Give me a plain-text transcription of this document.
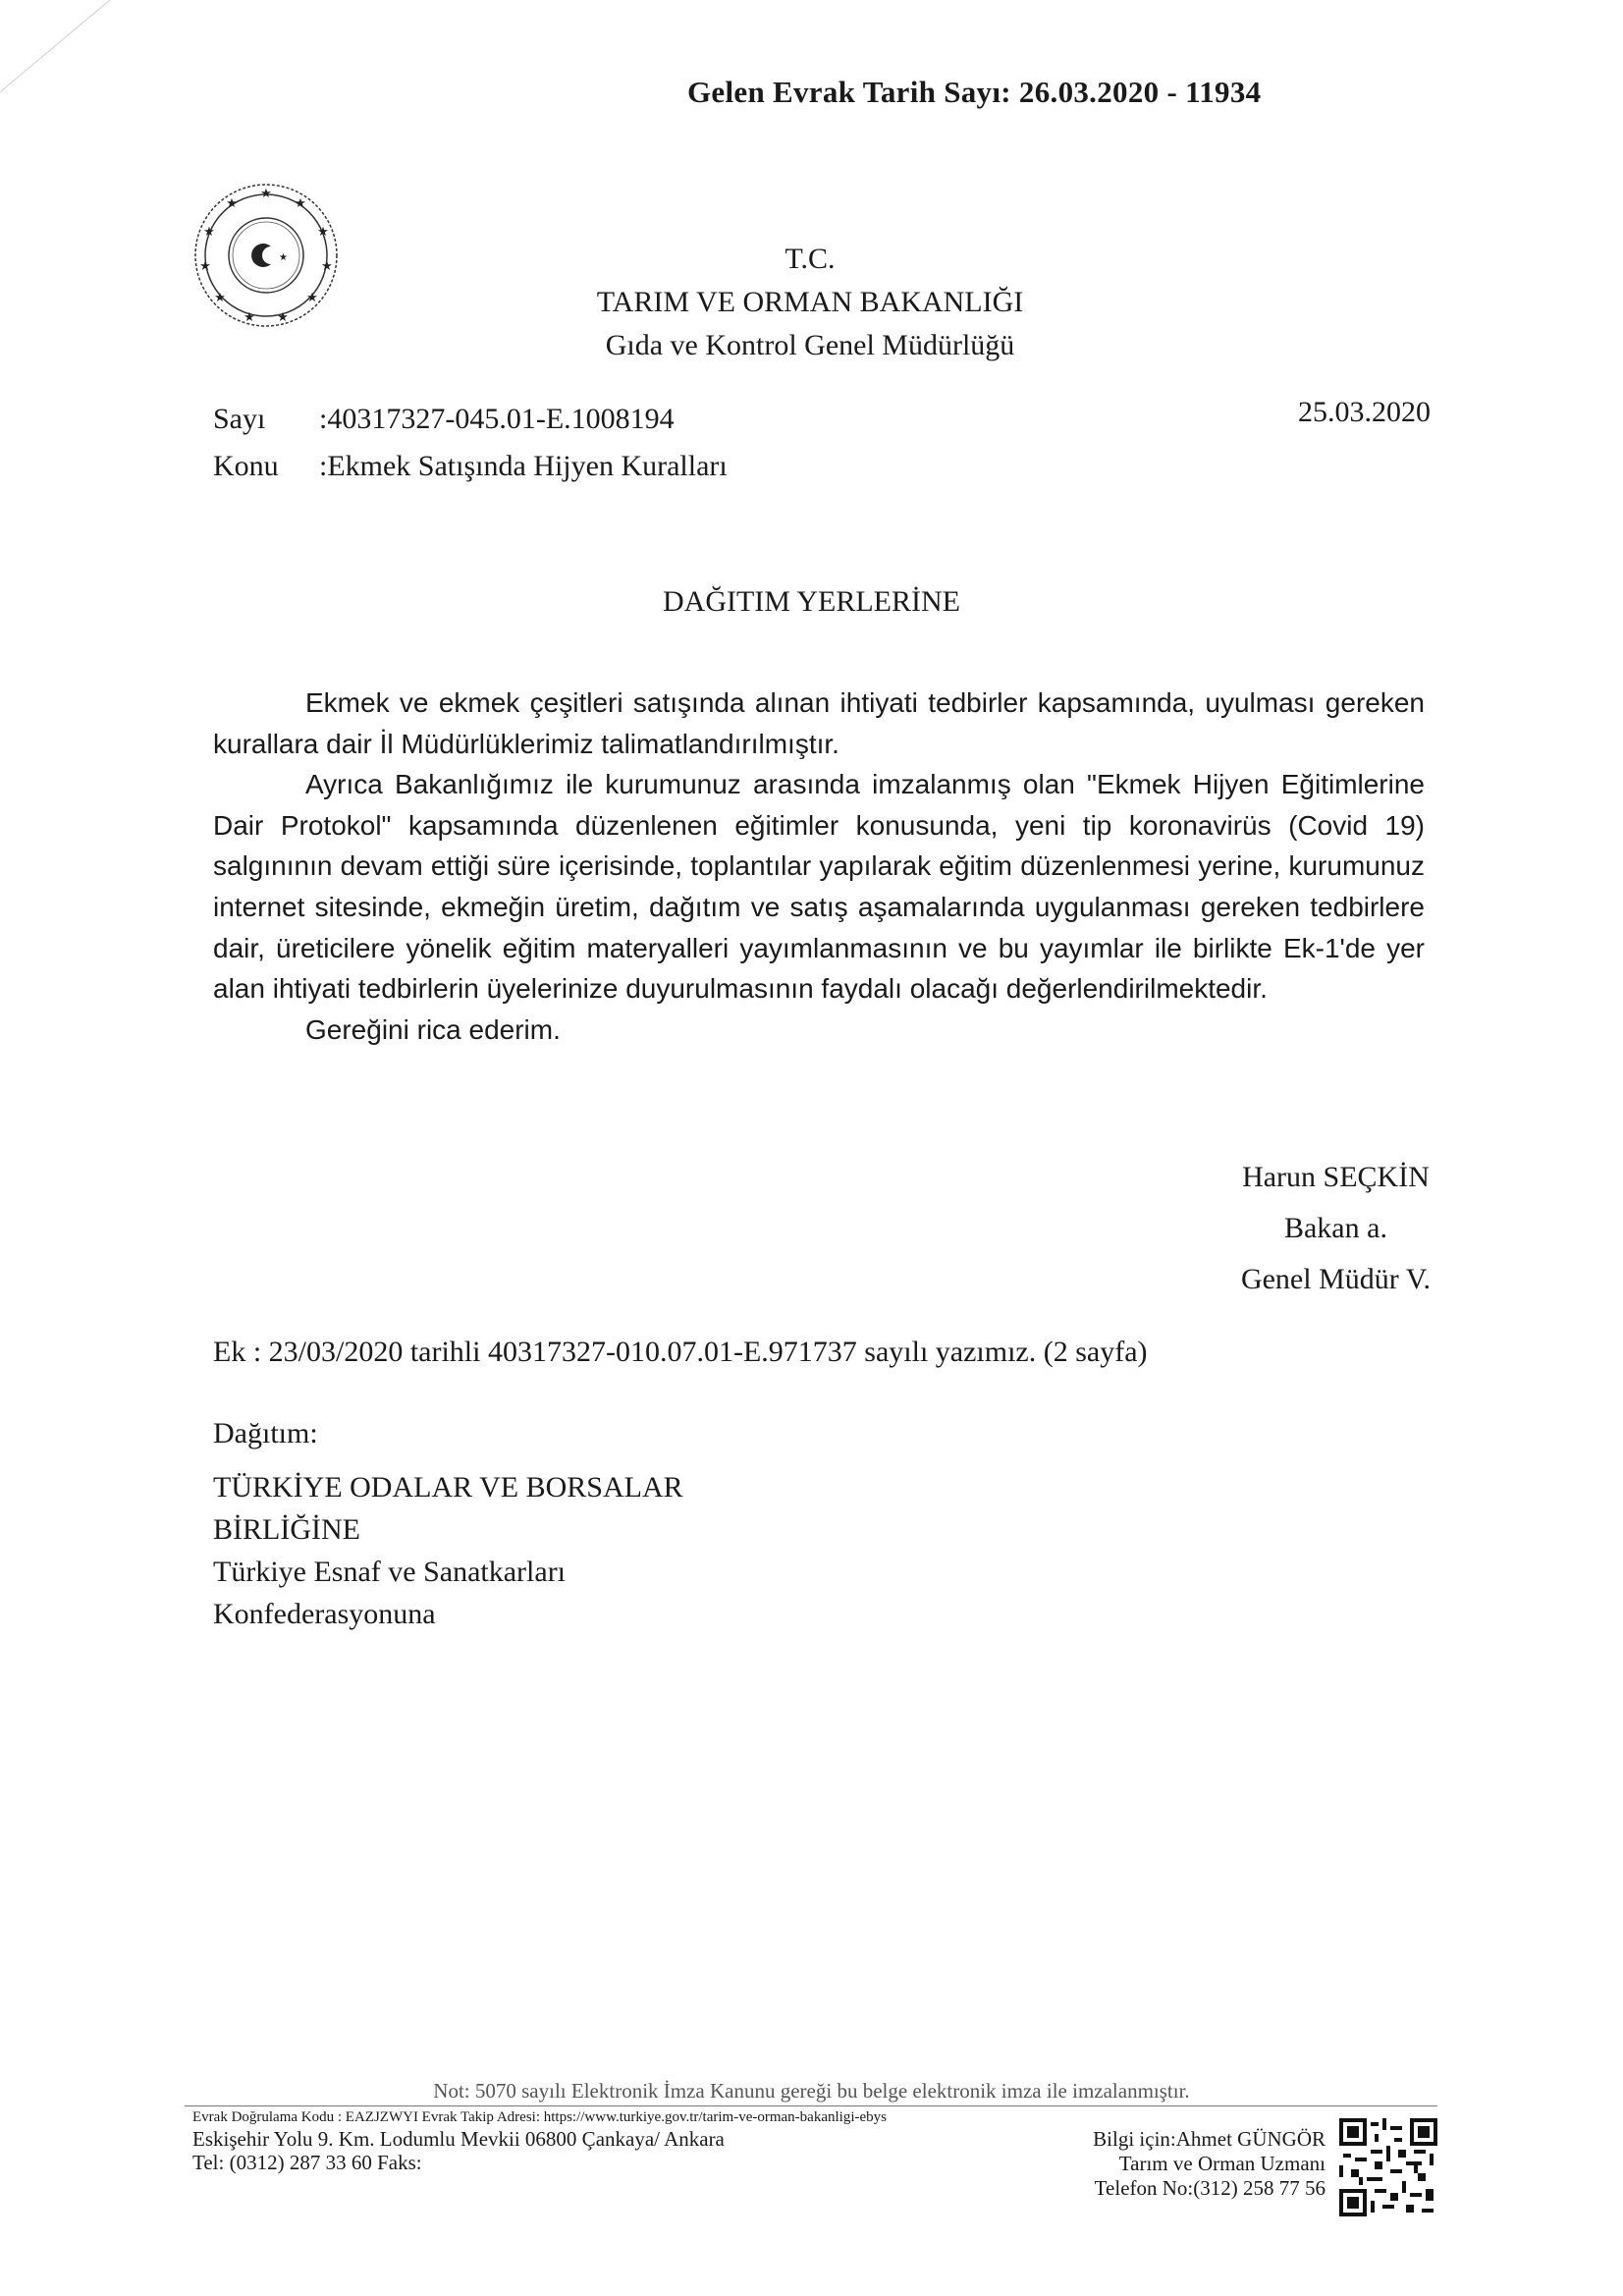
Gelen Evrak Tarih Sayı: 26.03.2020 - 11934
★
★
★
★
★
★
★
★
★
★
★
★	T.C.
TARIM VE ORMAN BAKANLIĞI
Gıda ve Kontrol Genel Müdürlüğü
Sayı :40317327-045.01-E.1008194
Konu :Ekmek Satışında Hijyen Kuralları
25.03.2020
DAĞITIM YERLERİNE

Ekmek ve ekmek çeşitleri satışında alınan ihtiyati tedbirler kapsamında, uyulması gereken kurallara dair İl Müdürlüklerimiz talimatlandırılmıştır.

Ayrıca Bakanlığımız ile kurumunuz arasında imzalanmış olan "Ekmek Hijyen Eğitimlerine Dair Protokol" kapsamında düzenlenen eğitimler konusunda, yeni tip koronavirüs (Covid 19) salgınının devam ettiği süre içerisinde, toplantılar yapılarak eğitim düzenlenmesi yerine, kurumunuz internet sitesinde, ekmeğin üretim, dağıtım ve satış aşamalarında uygulanması gereken tedbirlere dair, üreticilere yönelik eğitim materyalleri yayımlanmasının ve bu yayımlar ile birlikte Ek-1'de yer alan ihtiyati tedbirlerin üyelerinize duyurulmasının faydalı olacağı değerlendirilmektedir.

Gereğini rica ederim.

Harun SEÇKİN
Bakan a.
Genel Müdür V.
Ek : 23/03/2020 tarihli 40317327-010.07.01-E.971737 sayılı yazımız. (2 sayfa)
Dağıtım:
TÜRKİYE ODALAR VE BORSALAR
BİRLİĞİNE
Türkiye Esnaf ve Sanatkarları
Konfederasyonuna
Not: 5070 sayılı Elektronik İmza Kanunu gereği bu belge elektronik imza ile imzalanmıştır.
Evrak Doğrulama Kodu : EAZJZWYI Evrak Takip Adresi: https://www.turkiye.gov.tr/tarim-ve-orman-bakanligi-ebys
Eskişehir Yolu 9. Km. Lodumlu Mevkii 06800 Çankaya/ Ankara
Tel: (0312) 287 33 60 Faks:
Bilgi için:Ahmet GÜNGÖR
Tarım ve Orman Uzmanı
Telefon No:(312) 258 77 56
